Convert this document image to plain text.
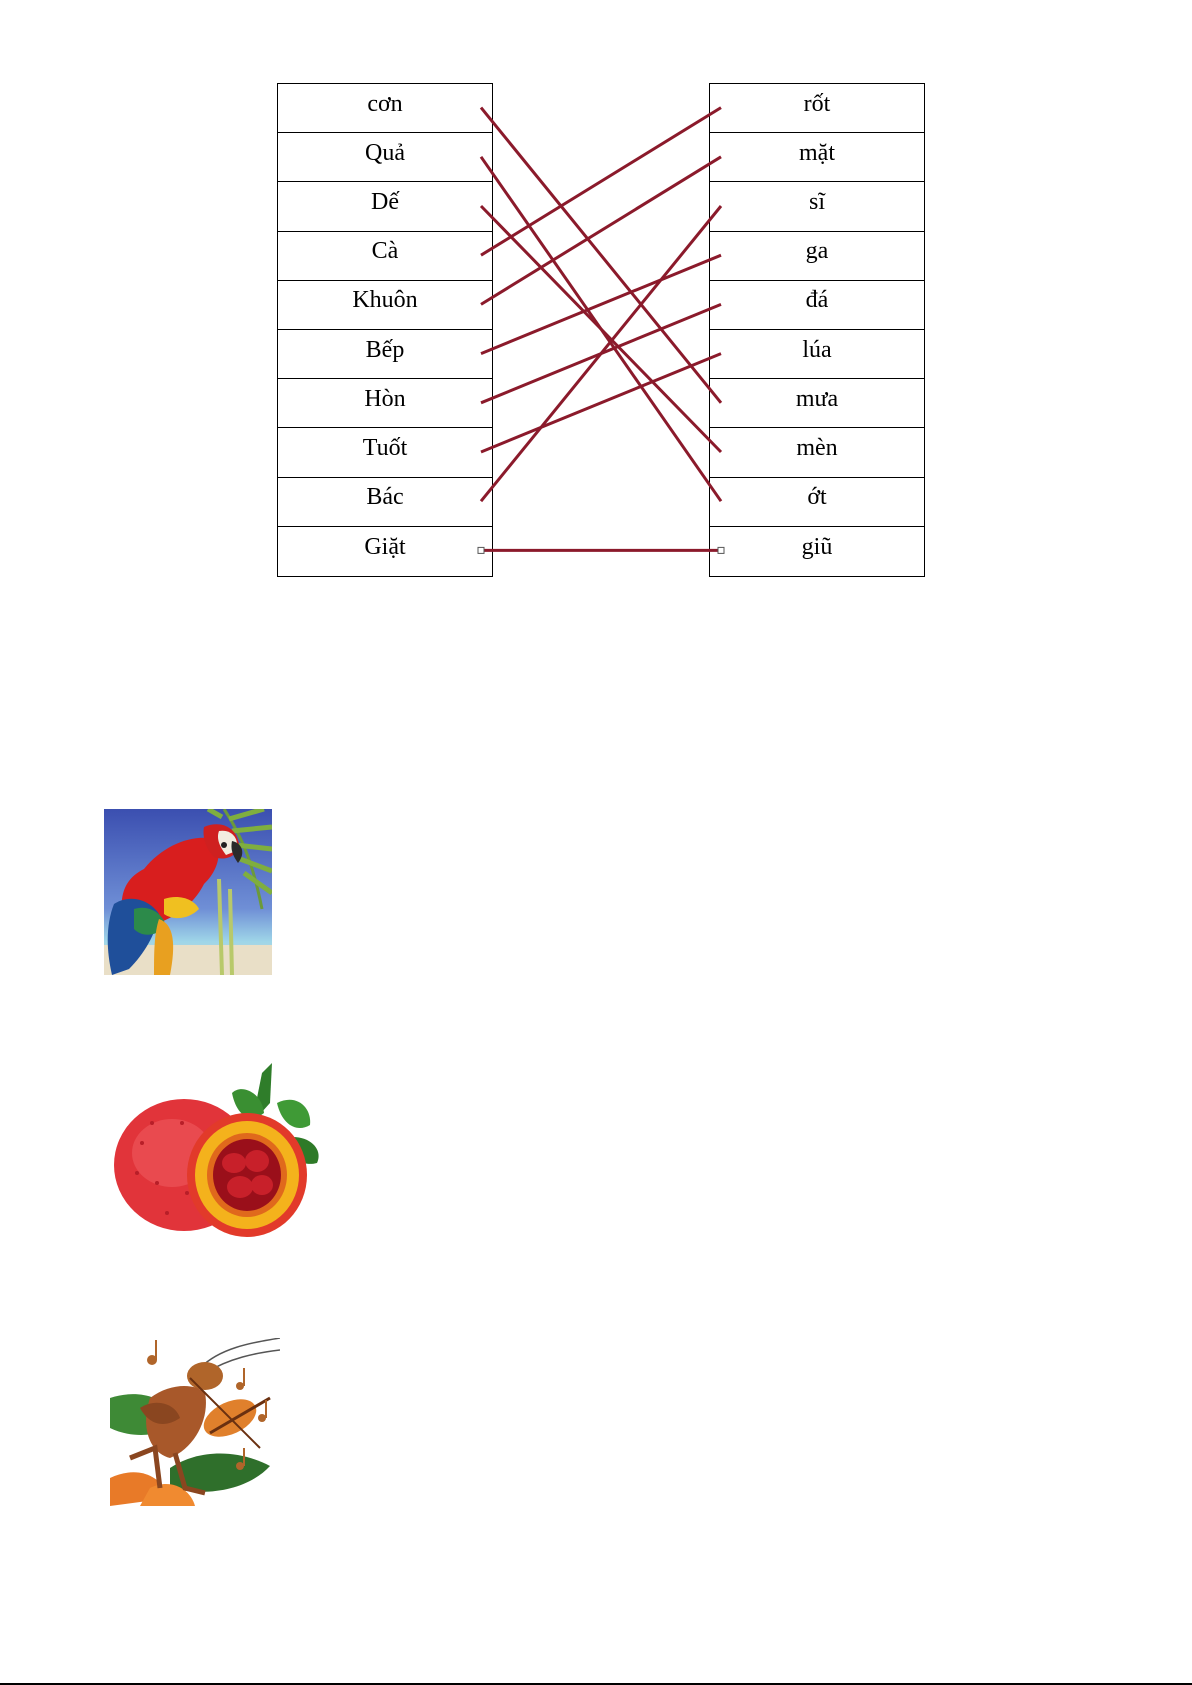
cơn
Quả
Dế
Cà
Khuôn
Bếp
Hòn
Tuốt
Bác
Giặt
rốt
mặt
sĩ
ga
đá
lúa
mưa
mèn
ớt
giũ
